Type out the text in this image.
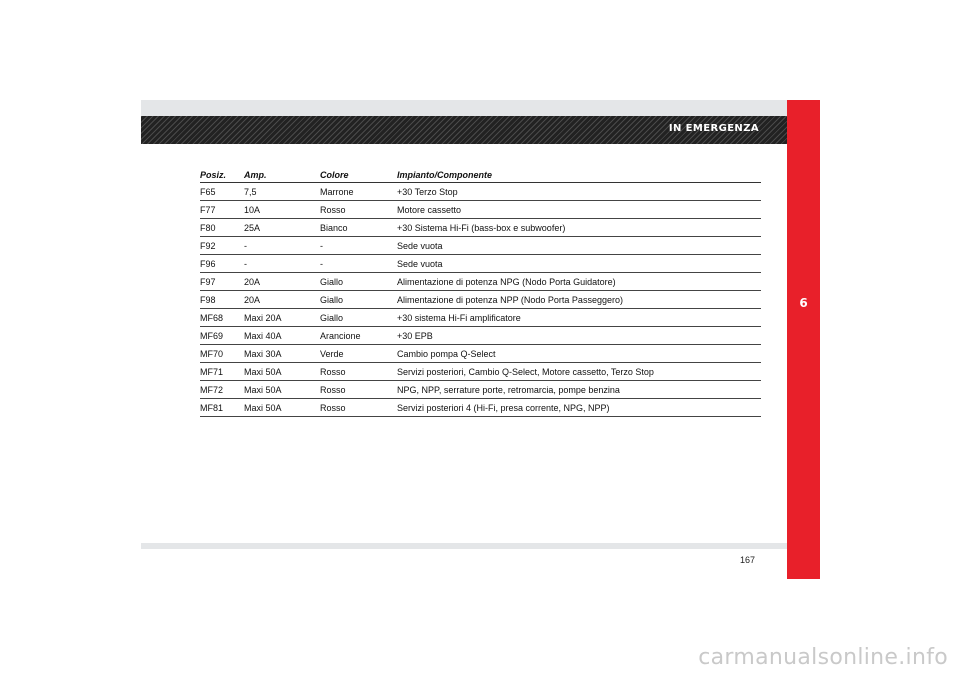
IN EMERGENZA
6
Posiz.	Amp.	Colore	Impianto/Componente
F65	7,5	Marrone	+30 Terzo Stop
F77	10A	Rosso	Motore cassetto
F80	25A	Bianco	+30 Sistema Hi-Fi (bass-box e subwoofer)
F92	-	-	Sede vuota
F96	-	-	Sede vuota
F97	20A	Giallo	Alimentazione di potenza NPG (Nodo Porta Guidatore)
F98	20A	Giallo	Alimentazione di potenza NPP (Nodo Porta Passeggero)
MF68	Maxi 20A	Giallo	+30 sistema Hi-Fi amplificatore
MF69	Maxi 40A	Arancione	+30 EPB
MF70	Maxi 30A	Verde	Cambio pompa Q-Select
MF71	Maxi 50A	Rosso	Servizi posteriori, Cambio Q-Select, Motore cassetto, Terzo Stop
MF72	Maxi 50A	Rosso	NPG, NPP, serrature porte, retromarcia, pompe benzina
MF81	Maxi 50A	Rosso	Servizi posteriori 4 (Hi-Fi, presa corrente, NPG, NPP)
167
carmanualsonline.info
